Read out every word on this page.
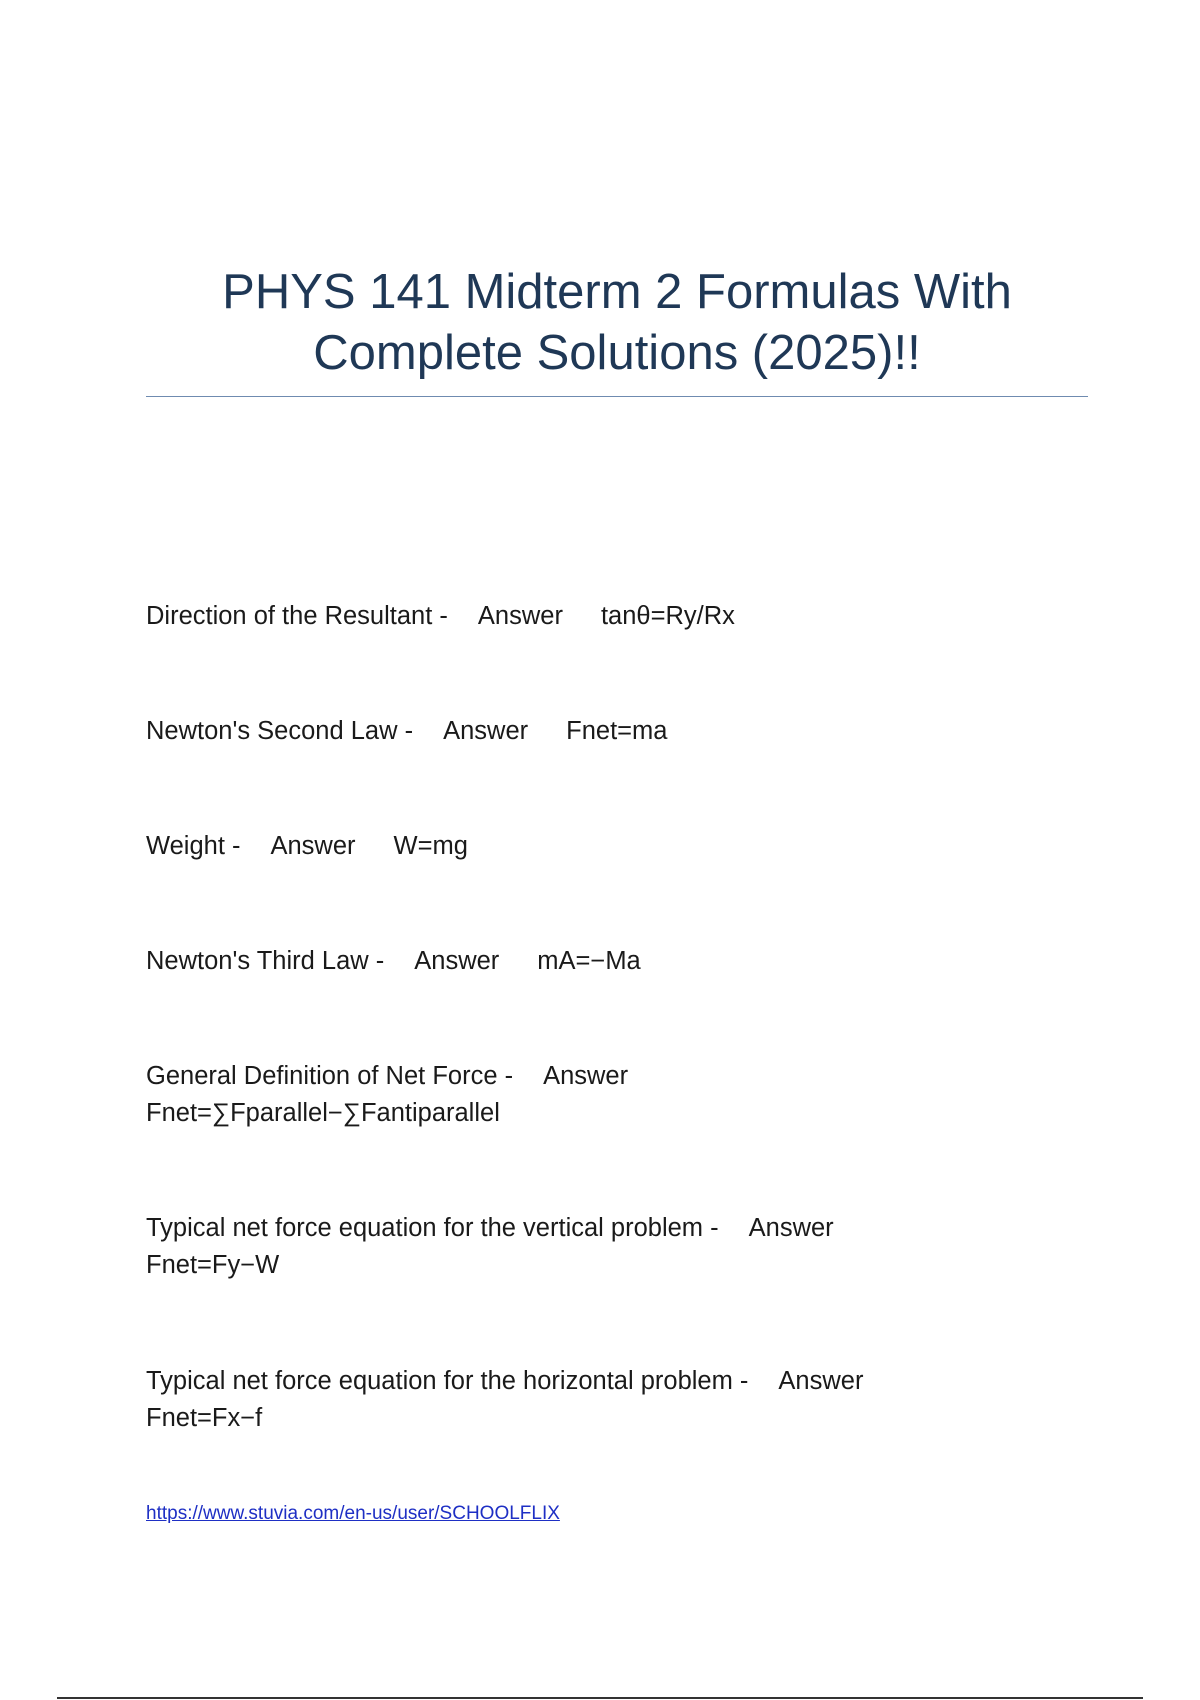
PHYS 141 Midterm 2 Formulas With
Complete Solutions (2025)!!
Direction of the Resultant - Answer tanθ=Ry/Rx
Newton's Second Law - Answer Fnet=ma
Weight - Answer W=mg
Newton's Third Law - Answer mA=−Ma
General Definition of Net Force - Answer
Fnet=∑Fparallel−∑Fantiparallel
Typical net force equation for the vertical problem - Answer
Fnet=Fy−W
Typical net force equation for the horizontal problem - Answer
Fnet=Fx−f
https://www.stuvia.com/en-us/user/SCHOOLFLIX
